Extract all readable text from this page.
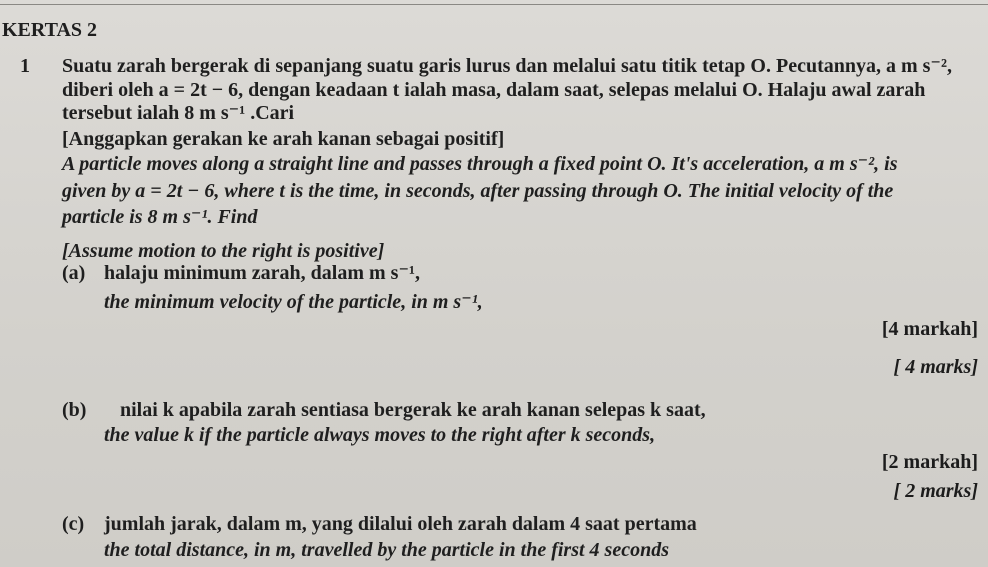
KERTAS 2
1 Suatu zarah bergerak di sepanjang suatu garis lurus dan melalui satu titik tetap O. Pecutannya, a m s⁻²,
diberi oleh a = 2t − 6, dengan keadaan t ialah masa, dalam saat, selepas melalui O. Halaju awal zarah
tersebut ialah 8 m s⁻¹ .Cari
[Anggapkan gerakan ke arah kanan sebagai positif]
A particle moves along a straight line and passes through a fixed point O. It's acceleration, a m s⁻², is
given by a = 2t − 6, where t is the time, in seconds, after passing through O. The initial velocity of the
particle is 8 m s⁻¹. Find
[Assume motion to the right is positive]
(a) halaju minimum zarah, dalam m s⁻¹,
the minimum velocity of the particle, in m s⁻¹,
[4 markah]
[ 4 marks]
(b) nilai k apabila zarah sentiasa bergerak ke arah kanan selepas k saat,
the value k if the particle always moves to the right after k seconds,
[2 markah]
[ 2 marks]
(c) jumlah jarak, dalam m, yang dilalui oleh zarah dalam 4 saat pertama
the total distance, in m, travelled by the particle in the first 4 seconds
